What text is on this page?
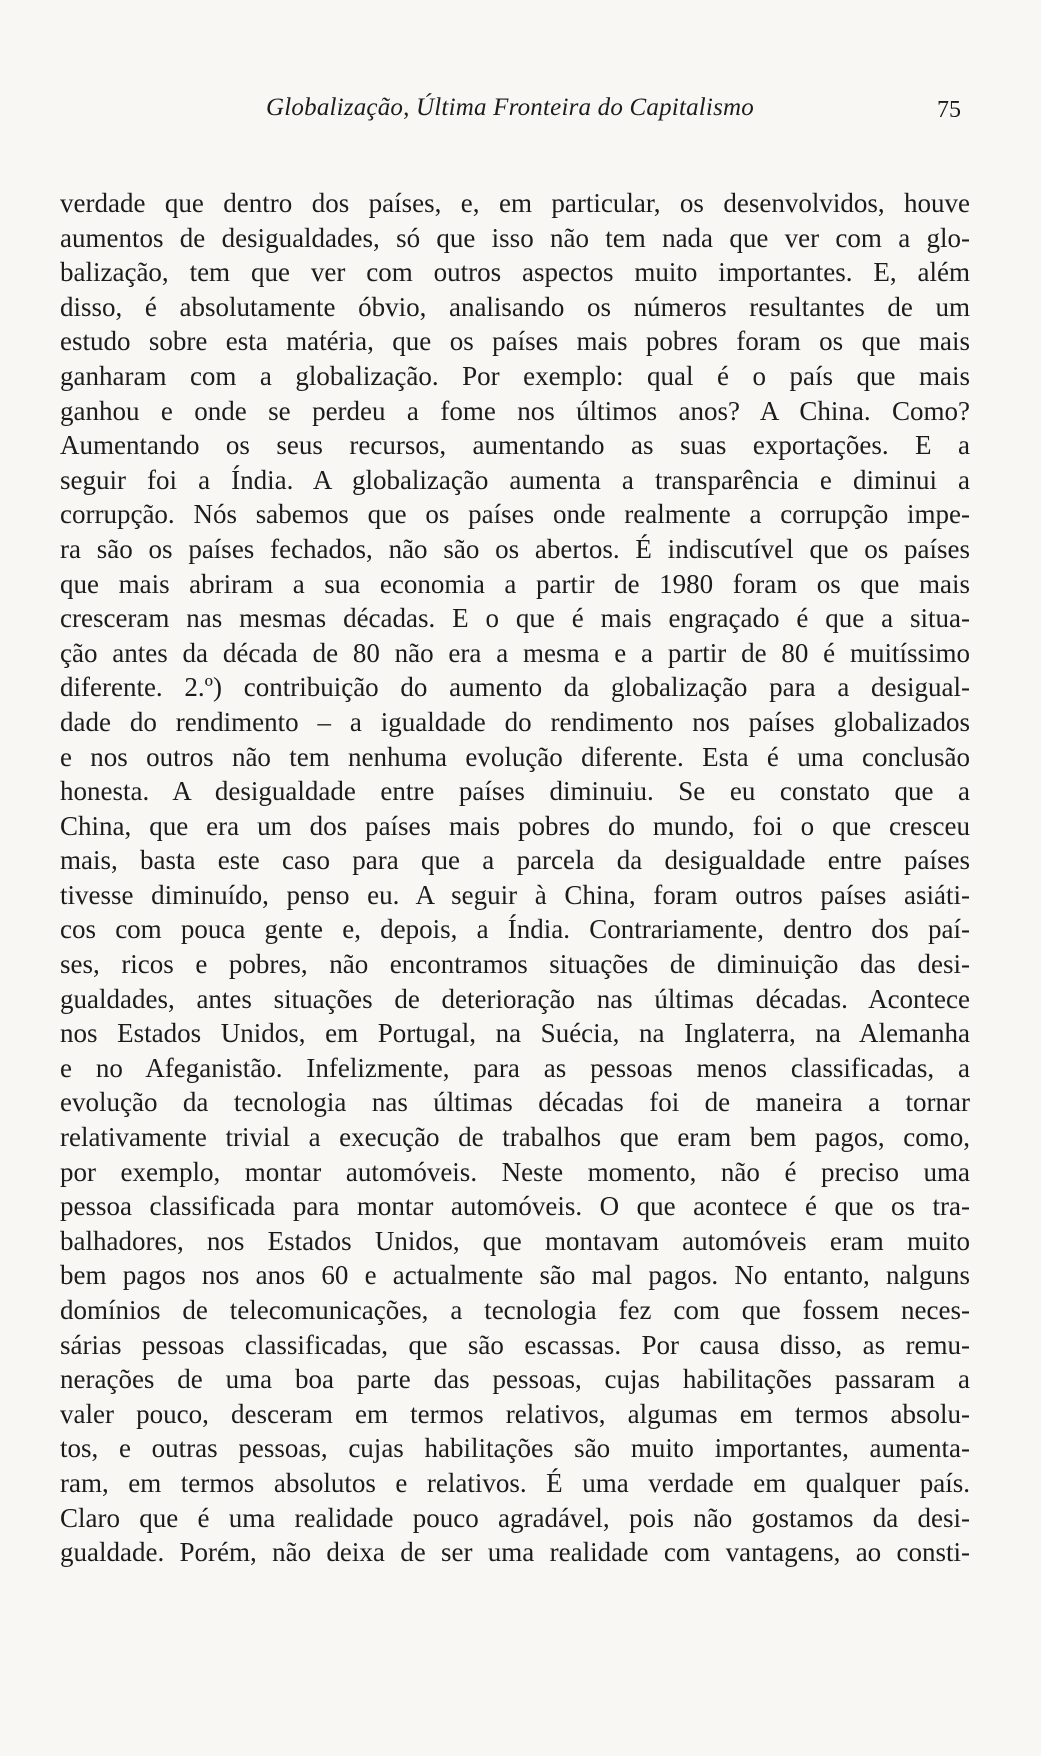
Globalização, Última Fronteira do Capitalismo	75
verdade que dentro dos países, e, em particular, os desenvolvidos, houve
aumentos de desigualdades, só que isso não tem nada que ver com a glo-
balização, tem que ver com outros aspectos muito importantes. E, além
disso, é absolutamente óbvio, analisando os números resultantes de um
estudo sobre esta matéria, que os países mais pobres foram os que mais
ganharam com a globalização. Por exemplo: qual é o país que mais
ganhou e onde se perdeu a fome nos últimos anos? A China. Como?
Aumentando os seus recursos, aumentando as suas exportações. E a
seguir foi a Índia. A globalização aumenta a transparência e diminui a
corrupção. Nós sabemos que os países onde realmente a corrupção impe-
ra são os países fechados, não são os abertos. É indiscutível que os países
que mais abriram a sua economia a partir de 1980 foram os que mais
cresceram nas mesmas décadas. E o que é mais engraçado é que a situa-
ção antes da década de 80 não era a mesma e a partir de 80 é muitíssimo
diferente. 2.º) contribuição do aumento da globalização para a desigual-
dade do rendimento – a igualdade do rendimento nos países globalizados
e nos outros não tem nenhuma evolução diferente. Esta é uma conclusão
honesta. A desigualdade entre países diminuiu. Se eu constato que a
China, que era um dos países mais pobres do mundo, foi o que cresceu
mais, basta este caso para que a parcela da desigualdade entre países
tivesse diminuído, penso eu. A seguir à China, foram outros países asiáti-
cos com pouca gente e, depois, a Índia. Contrariamente, dentro dos paí-
ses, ricos e pobres, não encontramos situações de diminuição das desi-
gualdades, antes situações de deterioração nas últimas décadas. Acontece
nos Estados Unidos, em Portugal, na Suécia, na Inglaterra, na Alemanha
e no Afeganistão. Infelizmente, para as pessoas menos classificadas, a
evolução da tecnologia nas últimas décadas foi de maneira a tornar
relativamente trivial a execução de trabalhos que eram bem pagos, como,
por exemplo, montar automóveis. Neste momento, não é preciso uma
pessoa classificada para montar automóveis. O que acontece é que os tra-
balhadores, nos Estados Unidos, que montavam automóveis eram muito
bem pagos nos anos 60 e actualmente são mal pagos. No entanto, nalguns
domínios de telecomunicações, a tecnologia fez com que fossem neces-
sárias pessoas classificadas, que são escassas. Por causa disso, as remu-
nerações de uma boa parte das pessoas, cujas habilitações passaram a
valer pouco, desceram em termos relativos, algumas em termos absolu-
tos, e outras pessoas, cujas habilitações são muito importantes, aumenta-
ram, em termos absolutos e relativos. É uma verdade em qualquer país.
Claro que é uma realidade pouco agradável, pois não gostamos da desi-
gualdade. Porém, não deixa de ser uma realidade com vantagens, ao consti-
